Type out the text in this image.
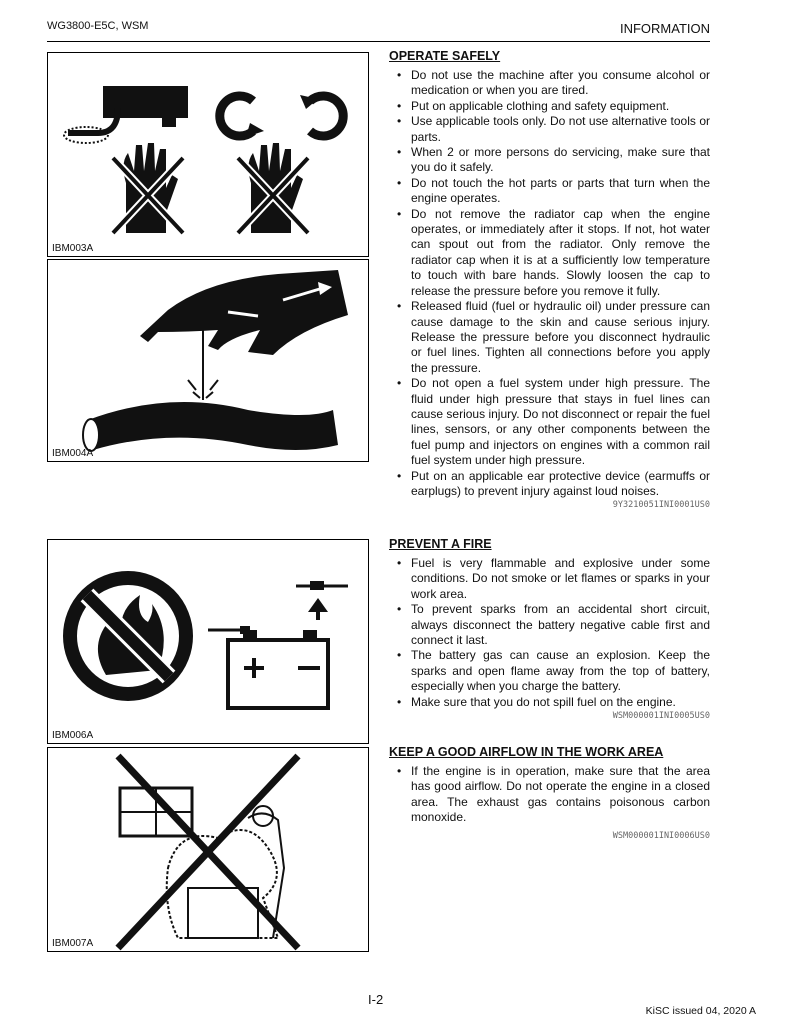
WG3800-E5C, WSM	INFORMATION
IBM003A
IBM004A
IBM006A
IBM007A
OPERATE SAFELY
• Do not use the machine after you consume alcohol or medication or when you are tired.
• Put on applicable clothing and safety equipment.
• Use applicable tools only. Do not use alternative tools or parts.
• When 2 or more persons do servicing, make sure that you do it safely.
• Do not touch the hot parts or parts that turn when the engine operates.
• Do not remove the radiator cap when the engine operates, or immediately after it stops. If not, hot water can spout out from the radiator. Only remove the radiator cap when it is at a sufficiently low temperature to touch with bare hands. Slowly loosen the cap to release the pressure before you remove it fully.
• Released fluid (fuel or hydraulic oil) under pressure can cause damage to the skin and cause serious injury. Release the pressure before you disconnect hydraulic or fuel lines. Tighten all connections before you apply the pressure.
• Do not open a fuel system under high pressure. The fluid under high pressure that stays in fuel lines can cause serious injury. Do not disconnect or repair the fuel lines, sensors, or any other components between the fuel pump and injectors on engines with a common rail fuel system under high pressure.
• Put on an applicable ear protective device (earmuffs or earplugs) to prevent injury against loud noises.
9Y3210051INI0001US0
PREVENT A FIRE
• Fuel is very flammable and explosive under some conditions. Do not smoke or let flames or sparks in your work area.
• To prevent sparks from an accidental short circuit, always disconnect the battery negative cable first and connect it last.
• The battery gas can cause an explosion. Keep the sparks and open flame away from the top of battery, especially when you charge the battery.
• Make sure that you do not spill fuel on the engine.
WSM000001INI0005US0
KEEP A GOOD AIRFLOW IN THE WORK AREA
• If the engine is in operation, make sure that the area has good airflow. Do not operate the engine in a closed area. The exhaust gas contains poisonous carbon monoxide.
WSM000001INI0006US0
I-2
KiSC issued 04, 2020 A
